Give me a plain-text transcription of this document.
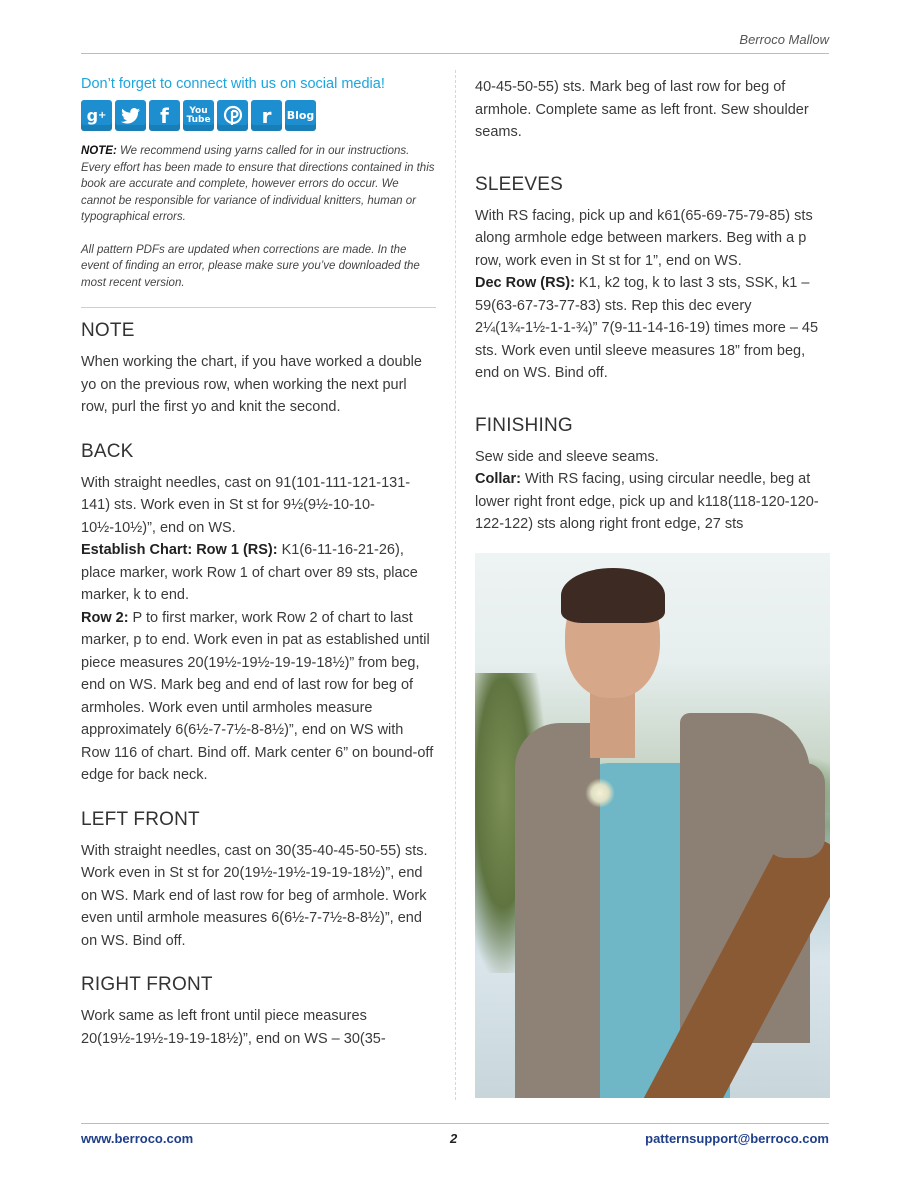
Berroco Mallow
Don’t forget to connect with us on social media!
g +	f	You
Tube	r	Blog
NOTE: We recommend using yarns called for in our instructions. Every effort has been made to ensure that directions contained in this book are accurate and complete, however errors do occur. We cannot be responsible for variance of individual knitters, human or typographical errors.
All pattern PDFs are updated when corrections are made. In the event of finding an error, please make sure you’ve downloaded the most recent version.
NOTE

When working the chart, if you have worked a double yo on the previous row, when working the next purl row, purl the first yo and knit the second.

BACK

With straight needles, cast on 91(101-111-121-131-141) sts. Work even in St st for 9½(9½-10-10-10½-10½)”, end on WS.
Establish Chart: Row 1 (RS): K1(6-11-16-21-26), place marker, work Row 1 of chart over 89 sts, place marker, k to end.
Row 2: P to first marker, work Row 2 of chart to last marker, p to end. Work even in pat as established until piece measures 20(19½-19½-19-19-18½)” from beg, end on WS. Mark beg and end of last row for beg of armholes. Work even until armholes measure approximately 6(6½-7-7½-8-8½)”, end on WS with Row 116 of chart. Bind off. Mark center 6” on bound-off edge for back neck.

LEFT FRONT

With straight needles, cast on 30(35-40-45-50-55) sts. Work even in St st for 20(19½-19½-19-19-18½)”, end on WS. Mark end of last row for beg of armhole. Work even until armhole measures 6(6½-7-7½-8-8½)”, end on WS. Bind off.

RIGHT FRONT

Work same as left front until piece measures 20(19½-19½-19-19-18½)”, end on WS – 30(35-

40-45-50-55) sts. Mark beg of last row for beg of armhole. Complete same as left front. Sew shoulder seams.

SLEEVES

With RS facing, pick up and k61(65-69-75-79-85) sts along armhole edge between markers. Beg with a p row, work even in St st for 1”, end on WS.
Dec Row (RS): K1, k2 tog, k to last 3 sts, SSK, k1 – 59(63-67-73-77-83) sts. Rep this dec every 2¼(1¾-1½-1-1-¾)” 7(9-11-14-16-19) times more – 45 sts. Work even until sleeve measures 18” from beg, end on WS. Bind off.

FINISHING

Sew side and sleeve seams.
Collar: With RS facing, using circular needle, beg at lower right front edge, pick up and k118(118-120-120-122-122) sts along right front edge, 27 sts

www.berroco.com	2	patternsupport@berroco.com
